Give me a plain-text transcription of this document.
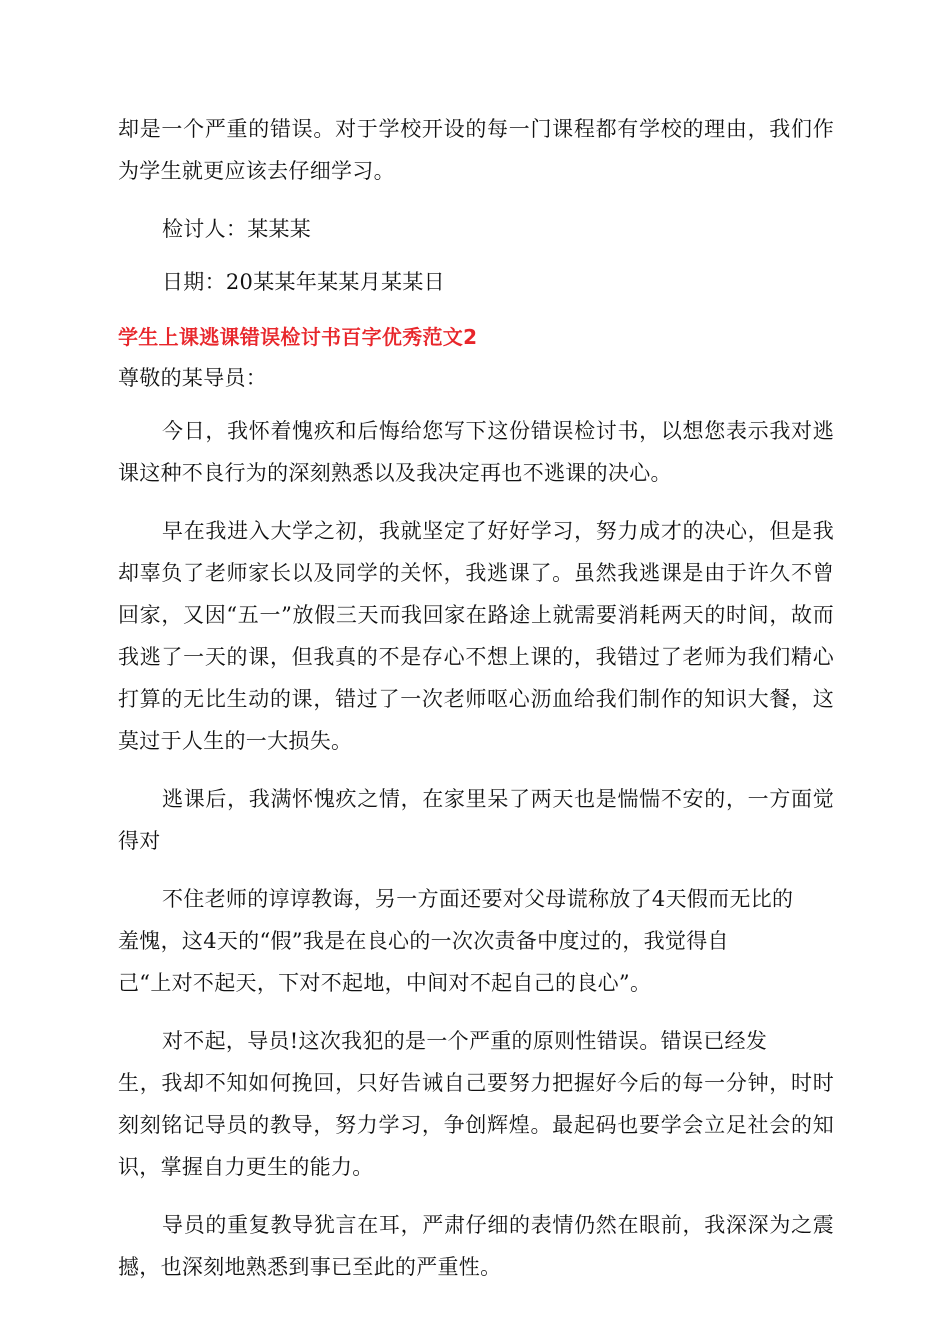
却是一个严重的错误。对于学校开设的每一门课程都有学校的理由，我们作为学生就更应该去仔细学习。

检讨人：某某某

日期：20某某年某某月某某日

学生上课逃课错误检讨书百字优秀范文2

尊敬的某导员：

今日，我怀着愧疚和后悔给您写下这份错误检讨书，以想您表示我对逃课这种不良行为的深刻熟悉以及我决定再也不逃课的决心。

早在我进入大学之初，我就坚定了好好学习，努力成才的决心，但是我却辜负了老师家长以及同学的关怀，我逃课了。虽然我逃课是由于许久不曾回家，又因“五一”放假三天而我回家在路途上就需要消耗两天的时间，故而我逃了一天的课，但我真的不是存心不想上课的，我错过了老师为我们精心打算的无比生动的课，错过了一次老师呕心沥血给我们制作的知识大餐，这莫过于人生的一大损失。

逃课后，我满怀愧疚之情，在家里呆了两天也是惴惴不安的，一方面觉得对

不住老师的谆谆教诲，另一方面还要对父母谎称放了4天假而无比的

羞愧，这4天的“假”我是在良心的一次次责备中度过的，我觉得自

己“上对不起天，下对不起地，中间对不起自己的良心”。

对不起，导员!这次我犯的是一个严重的原则性错误。错误已经发

生，我却不知如何挽回，只好告诫自己要努力把握好今后的每一分钟，时时刻刻铭记导员的教导，努力学习，争创辉煌。最起码也要学会立足社会的知识，掌握自力更生的能力。

导员的重复教导犹言在耳，严肃仔细的表情仍然在眼前，我深深为之震撼，也深刻地熟悉到事已至此的严重性。
